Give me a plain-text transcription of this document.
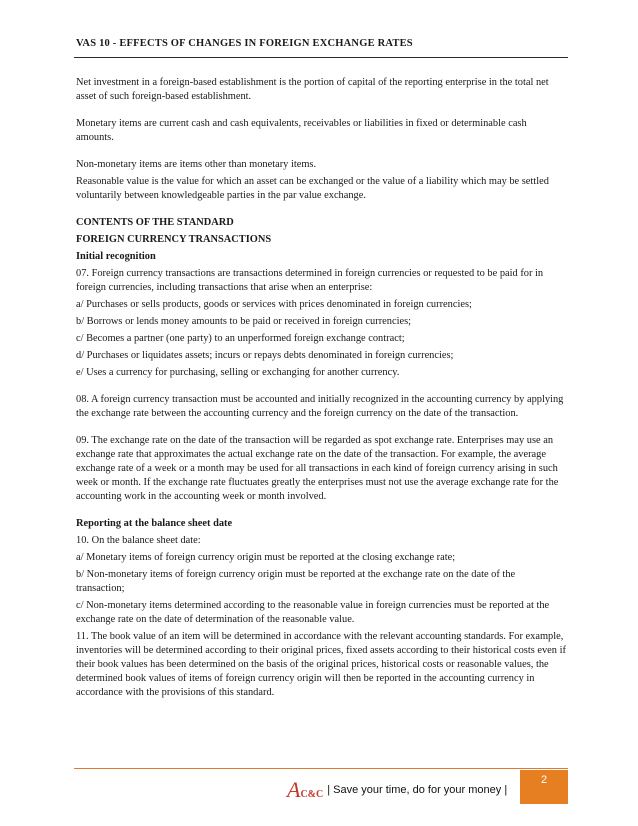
VAS 10 - EFFECTS OF CHANGES IN FOREIGN EXCHANGE RATES

Net investment in a foreign-based establishment is the portion of capital of the reporting enterprise in the total net asset of such foreign-based establishment.

Monetary items are current cash and cash equivalents, receivables or liabilities in fixed or determinable cash amounts.

Non-monetary items are items other than monetary items.

Reasonable value is the value for which an asset can be exchanged or the value of a liability which may be settled voluntarily between knowledgeable parties in the par value exchange.

CONTENTS OF THE STANDARD

FOREIGN CURRENCY TRANSACTIONS

Initial recognition

07. Foreign currency transactions are transactions determined in foreign currencies or requested to be paid for in foreign currencies, including transactions that arise when an enterprise:

a/ Purchases or sells products, goods or services with prices denominated in foreign currencies;

b/ Borrows or lends money amounts to be paid or received in foreign currencies;

c/ Becomes a partner (one party) to an unperformed foreign exchange contract;

d/ Purchases or liquidates assets; incurs or repays debts denominated in foreign currencies;

e/ Uses a currency for purchasing, selling or exchanging for another currency.

08. A foreign currency transaction must be accounted and initially recognized in the accounting currency by applying the exchange rate between the accounting currency and the foreign currency on the date of the transaction.

09. The exchange rate on the date of the transaction will be regarded as spot exchange rate. Enterprises may use an exchange rate that approximates the actual exchange rate on the date of the transaction. For example, the average exchange rate of a week or a month may be used for all transactions in each kind of foreign currency arising in such week or month. If the exchange rate fluctuates greatly the enterprises must not use the average exchange rate for the accounting work in the accounting week or month involved.

Reporting at the balance sheet date

10. On the balance sheet date:

a/ Monetary items of foreign currency origin must be reported at the closing exchange rate;

b/ Non-monetary items of foreign currency origin must be reported at the exchange rate on the date of the transaction;

c/ Non-monetary items determined according to the reasonable value in foreign currencies must be reported at the exchange rate on the date of determination of the reasonable value.

11. The book value of an item will be determined in accordance with the relevant accounting standards. For example, inventories will be determined according to their original prices, fixed assets according to their historical costs even if their book values has been determined on the basis of the original prices, historical costs or reasonable values, the determined book values of items of foreign currency origin will then be reported in the accounting currency in accordance with the provisions of this standard.

A C&C | Save your time, do for your money |
2
